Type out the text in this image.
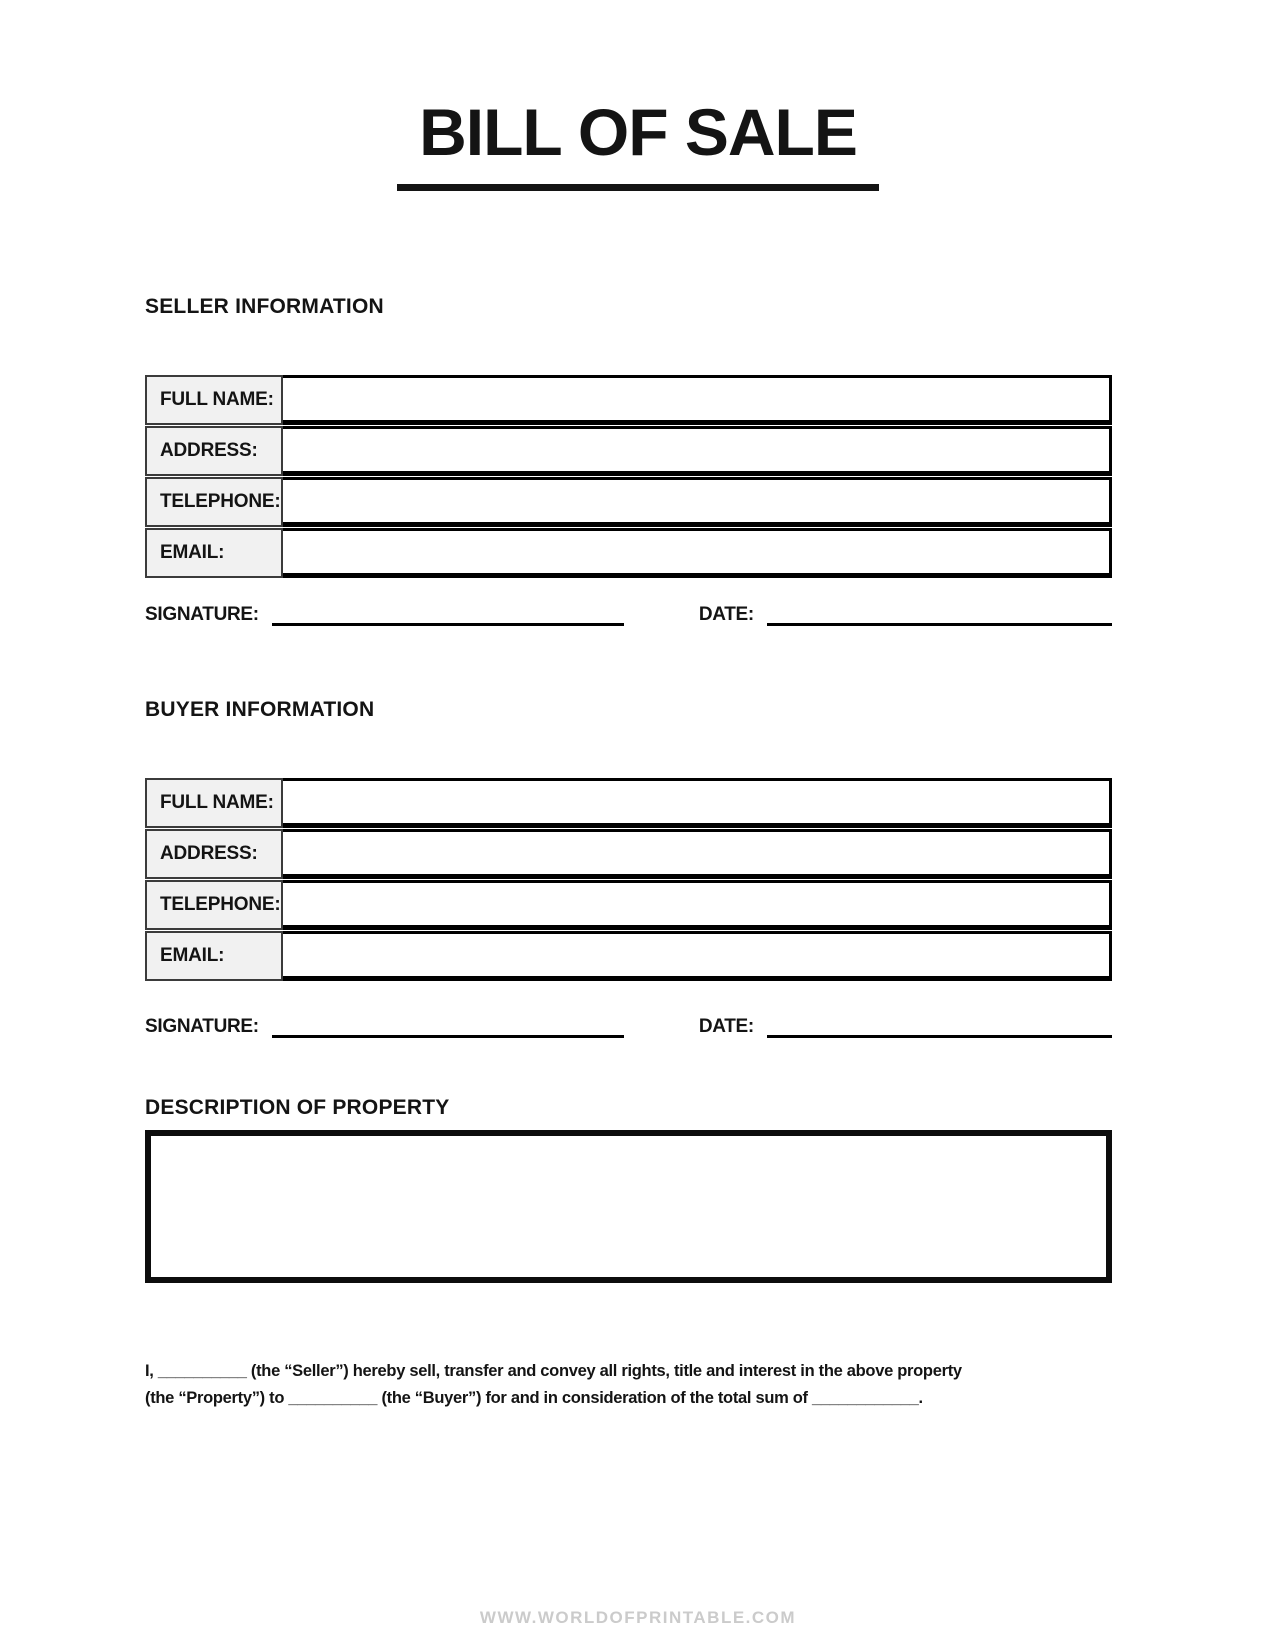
BILL OF SALE
SELLER INFORMATION
FULL NAME:
ADDRESS:
TELEPHONE:
EMAIL:
SIGNATURE:	DATE:
BUYER INFORMATION
FULL NAME:
ADDRESS:
TELEPHONE:
EMAIL:
SIGNATURE:	DATE:
DESCRIPTION OF PROPERTY
I, __________ (the “Seller”) hereby sell, transfer and convey all rights, title and interest in the above property
(the “Property”) to __________ (the “Buyer”) for and in consideration of the total sum of ____________.
WWW.WORLDOFPRINTABLE.COM
